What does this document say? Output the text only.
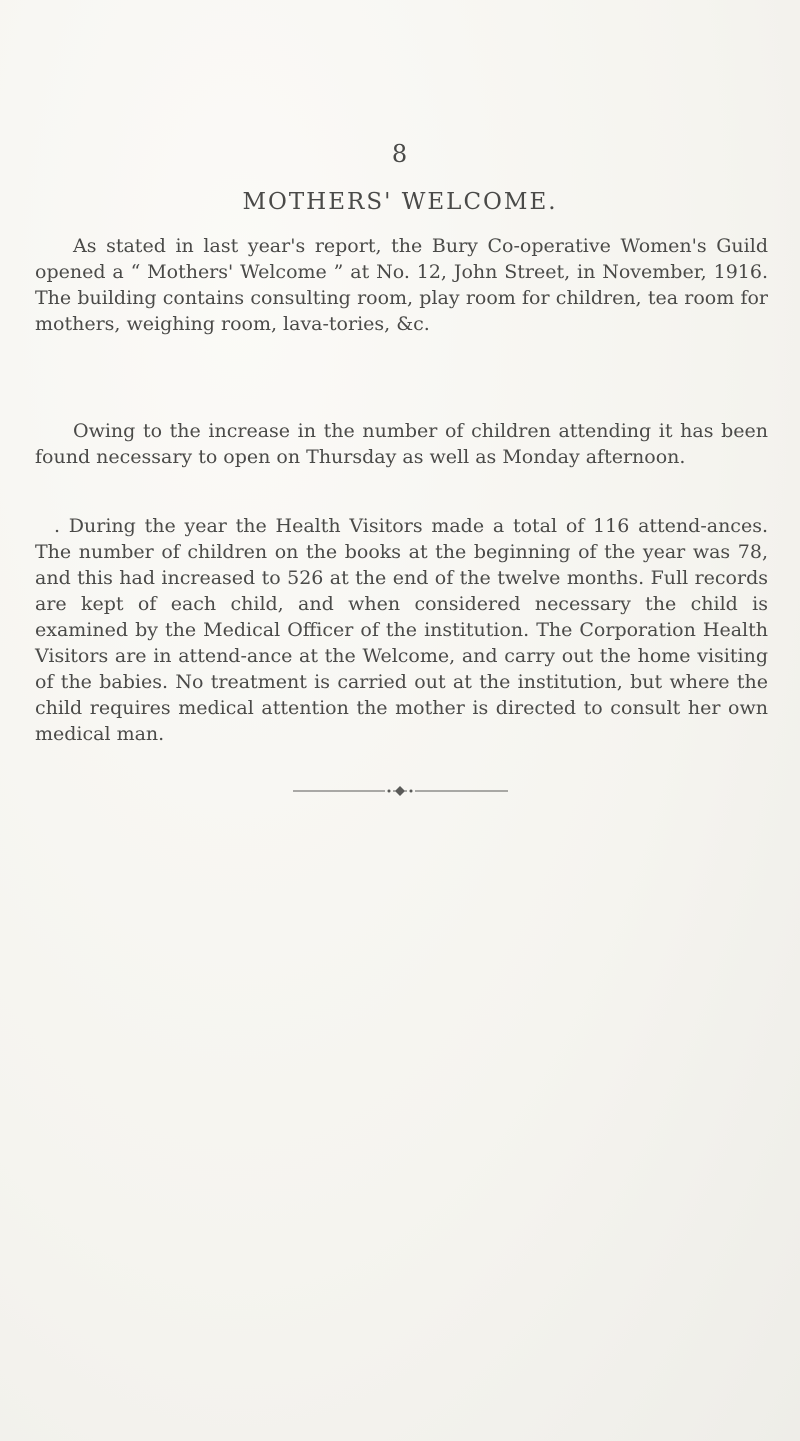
8
MOTHERS' WELCOME.

As stated in last year's report, the Bury Co-operative Women's Guild opened a “ Mothers' Welcome ” at No. 12, John Street, in November, 1916. The building contains consulting room, play room for children, tea room for mothers, weighing room, lava-tories, &c.

Owing to the increase in the number of children attending it has been found necessary to open on Thursday as well as Monday afternoon.

. During the year the Health Visitors made a total of 116 attend-ances. The number of children on the books at the beginning of the year was 78, and this had increased to 526 at the end of the twelve months. Full records are kept of each child, and when considered necessary the child is examined by the Medical Officer of the institution. The Corporation Health Visitors are in attend-ance at the Welcome, and carry out the home visiting of the babies. No treatment is carried out at the institution, but where the child requires medical attention the mother is directed to consult her own medical man.
